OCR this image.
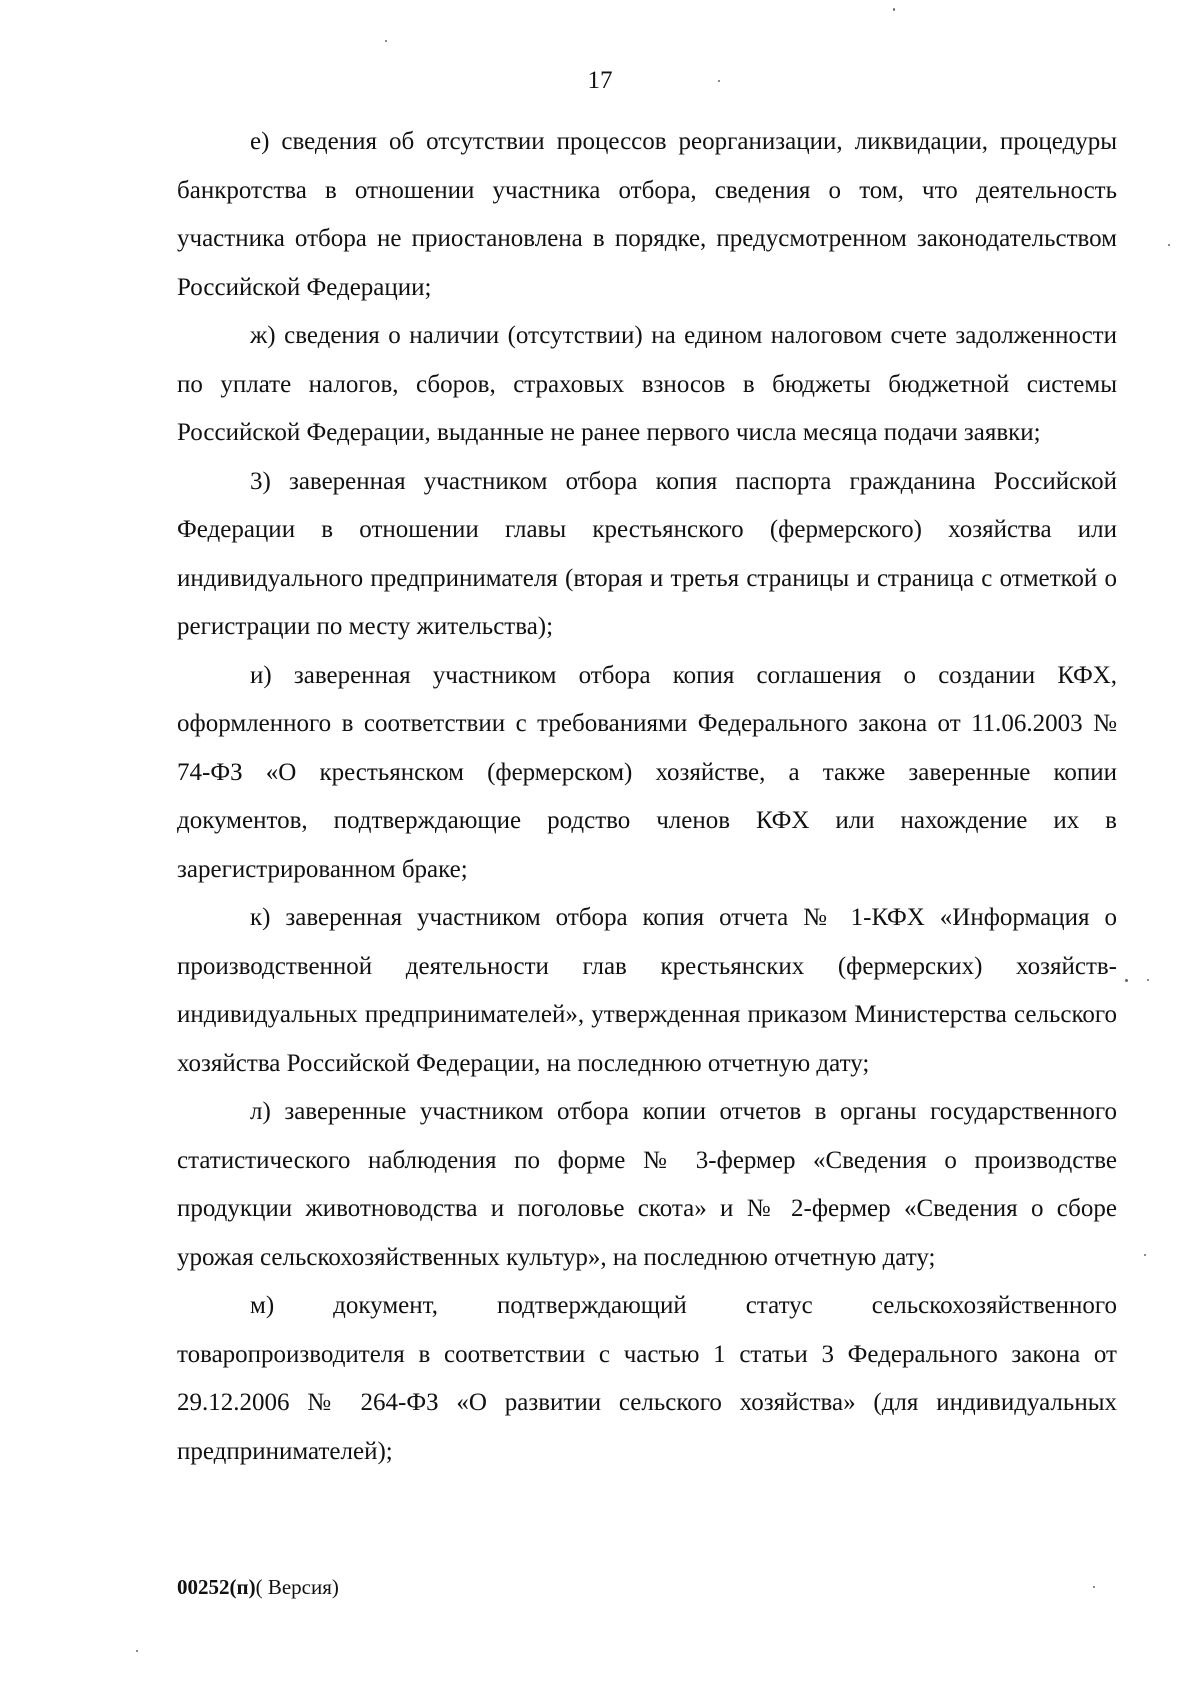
17

е) сведения об отсутствии процессов реорганизации, ликвидации, процедуры банкротства в отношении участника отбора, сведения о том, что деятельность участника отбора не приостановлена в порядке, предусмотренном законодательством Российской Федерации;

ж) сведения о наличии (отсутствии) на едином налоговом счете задолженности по уплате налогов, сборов, страховых взносов в бюджеты бюджетной системы Российской Федерации, выданные не ранее первого числа месяца подачи заявки;

3) заверенная участником отбора копия паспорта гражданина Российской Федерации в отношении главы крестьянского (фермерского) хозяйства или индивидуального предпринимателя (вторая и третья страницы и страница с отметкой о регистрации по месту жительства);

и) заверенная участником отбора копия соглашения о создании КФХ, оформленного в соответствии с требованиями Федерального закона от 11.06.2003 № 74-ФЗ «О крестьянском (фермерском) хозяйстве, а также заверенные копии документов, подтверждающие родство членов КФХ или нахождение их в зарегистрированном браке;

к) заверенная участником отбора копия отчета № 1-КФХ «Информация о производственной деятельности глав крестьянских (фермерских) хозяйств-индивидуальных предпринимателей», утвержденная приказом Министерства сельского хозяйства Российской Федерации, на последнюю отчетную дату;

л) заверенные участником отбора копии отчетов в органы государственного статистического наблюдения по форме № 3-фермер «Сведения о производстве продукции животноводства и поголовье скота» и № 2-фермер «Сведения о сборе урожая сельскохозяйственных культур», на последнюю отчетную дату;

м) документ, подтверждающий статус сельскохозяйственного товаропроизводителя в соответствии с частью 1 статьи 3 Федерального закона от 29.12.2006 № 264-ФЗ «О развитии сельского хозяйства» (для индивидуальных предпринимателей);

00252(п)( Версия)
